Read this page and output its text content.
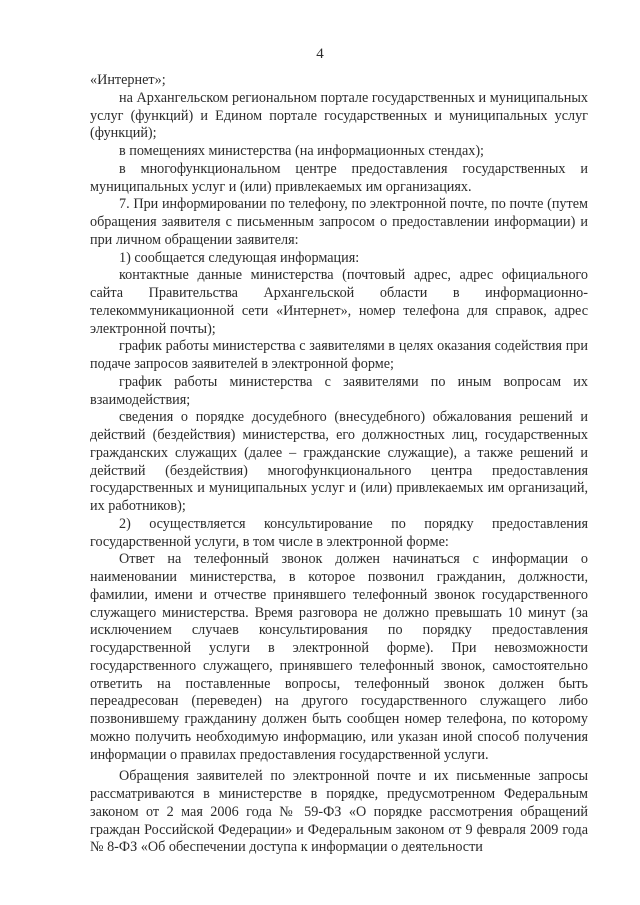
4

«Интернет»;

на Архангельском региональном портале государственных и муниципальных услуг (функций) и Едином портале государственных и муниципальных услуг (функций);

в помещениях министерства (на информационных стендах);

в многофункциональном центре предоставления государственных и муниципальных услуг и (или) привлекаемых им организациях.

7. При информировании по телефону, по электронной почте, по почте (путем обращения заявителя с письменным запросом о предоставлении информации) и при личном обращении заявителя:

1) сообщается следующая информация:

контактные данные министерства (почтовый адрес, адрес официального сайта Правительства Архангельской области в информационно-телекоммуникационной сети «Интернет», номер телефона для справок, адрес электронной почты);

график работы министерства с заявителями в целях оказания содействия при подаче запросов заявителей в электронной форме;

график работы министерства с заявителями по иным вопросам их взаимодействия;

сведения о порядке досудебного (внесудебного) обжалования решений и действий (бездействия) министерства, его должностных лиц, государственных гражданских служащих (далее – гражданские служащие), а также решений и действий (бездействия) многофункционального центра предоставления государственных и муниципальных услуг и (или) привлекаемых им организаций, их работников);

2) осуществляется консультирование по порядку предоставления государственной услуги, в том числе в электронной форме:

Ответ на телефонный звонок должен начинаться с информации о наименовании министерства, в которое позвонил гражданин, должности, фамилии, имени и отчестве принявшего телефонный звонок государственного служащего министерства. Время разговора не должно превышать 10 минут (за исключением случаев консультирования по порядку предоставления государственной услуги в электронной форме). При невозможности государственного служащего, принявшего телефонный звонок, самостоятельно ответить на поставленные вопросы, телефонный звонок должен быть переадресован (переведен) на другого государственного служащего либо позвонившему гражданину должен быть сообщен номер телефона, по которому можно получить необходимую информацию, или указан иной способ получения информации о правилах предоставления государственной услуги.

Обращения заявителей по электронной почте и их письменные запросы рассматриваются в министерстве в порядке, предусмотренном Федеральным законом от 2 мая 2006 года № 59-ФЗ «О порядке рассмотрения обращений граждан Российской Федерации» и Федеральным законом от 9 февраля 2009 года № 8-ФЗ «Об обеспечении доступа к информации о деятельности
